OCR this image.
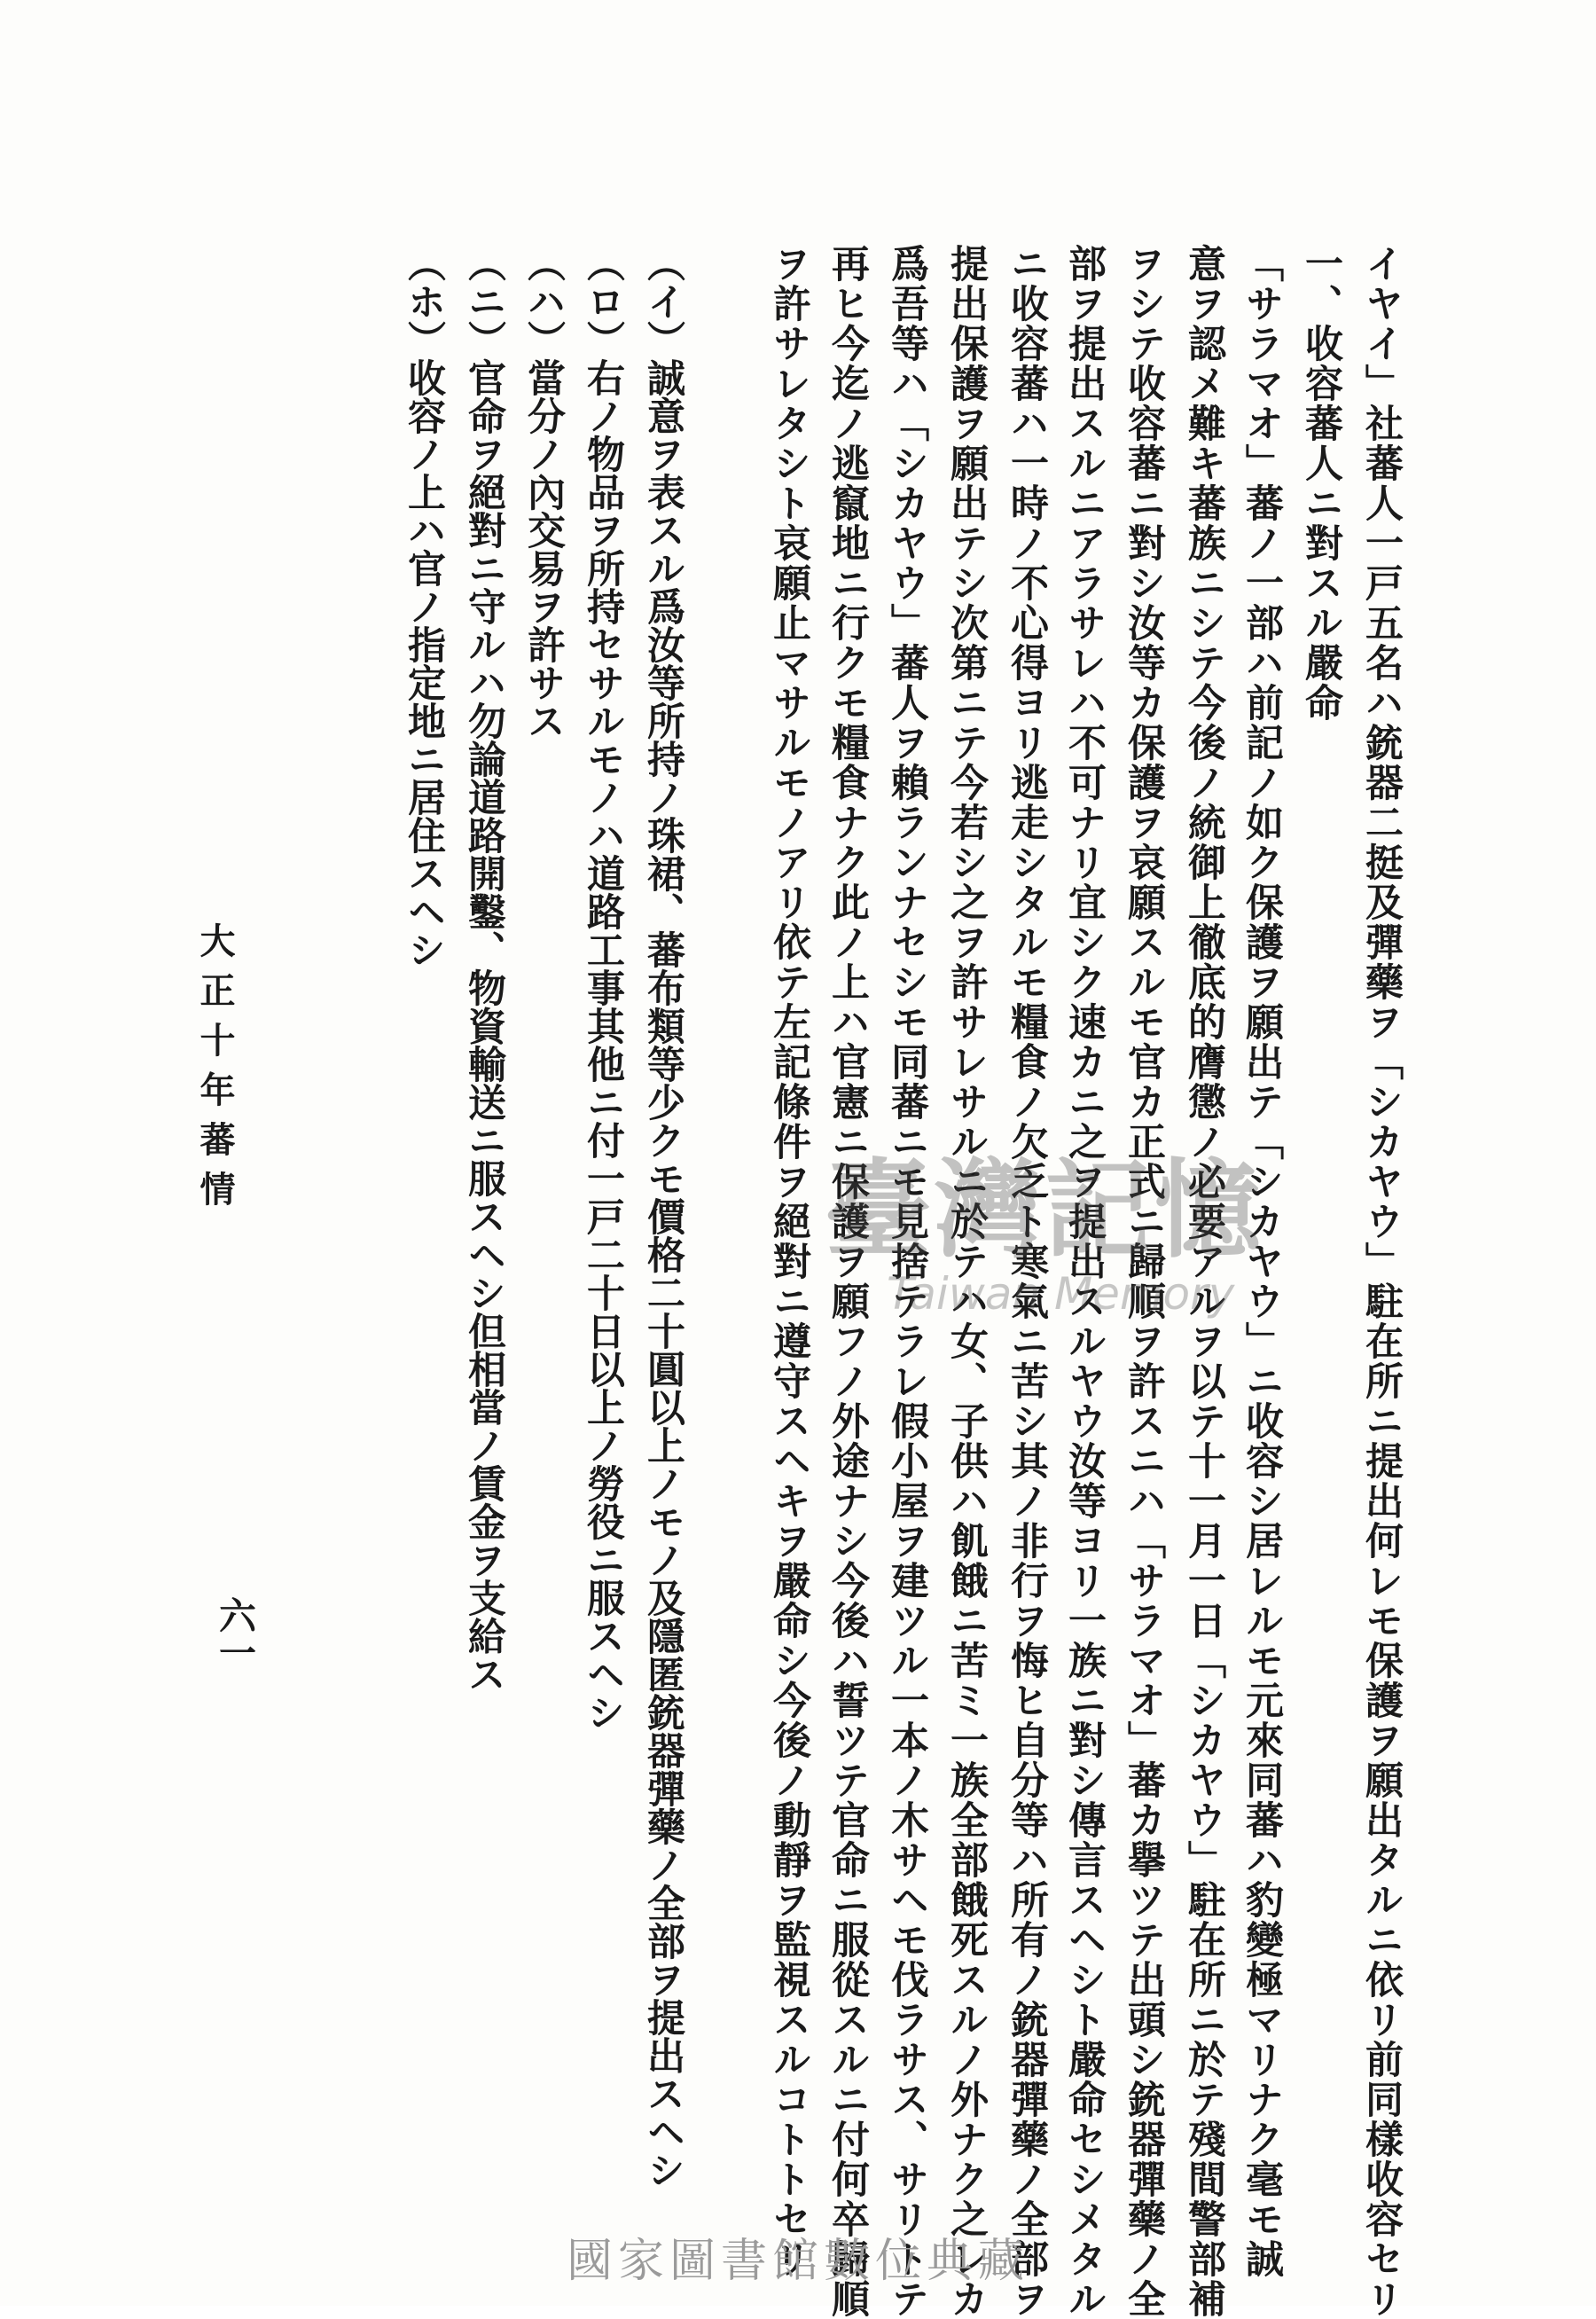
イヤイ」社蕃人一戸五名ハ銃器二挺及彈藥ヲ「シカヤウ」駐在所ニ提出何レモ保護ヲ願出タルニ依リ前同樣收容セリ
一、收容蕃人ニ對スル嚴命
「サラマオ」蕃ノ一部ハ前記ノ如ク保護ヲ願出テ「シカヤウ」ニ收容シ居レルモ元來同蕃ハ豹變極マリナク毫モ誠
意ヲ認メ難キ蕃族ニシテ今後ノ統御上徹底的膺懲ノ必要アルヲ以テ十一月一日「シカヤウ」駐在所ニ於テ殘間警部補
ヲシテ收容蕃ニ對シ汝等カ保護ヲ哀願スルモ官カ正式ニ歸順ヲ許スニハ「サラマオ」蕃カ擧ツテ出頭シ銃器彈藥ノ全
部ヲ提出スルニアラサレハ不可ナリ宜シク速カニ之ヲ提出スルヤウ汝等ヨリ一族ニ對シ傳言スヘシト嚴命セシメタル
ニ收容蕃ハ一時ノ不心得ヨリ逃走シタルモ糧食ノ欠乏ト寒氣ニ苦シ其ノ非行ヲ悔ヒ自分等ハ所有ノ銃器彈藥ノ全部ヲ
提出保護ヲ願出テシ次第ニテ今若シ之ヲ許サレサルニ於テハ女、子供ハ飢餓ニ苦ミ一族全部餓死スルノ外ナク之レカ
爲吾等ハ「シカヤウ」蕃人ヲ賴ランナセシモ同蕃ニモ見捨テラレ假小屋ヲ建ツル一本ノ木サヘモ伐ラサス、サリトテ
再ヒ今迄ノ逃竄地ニ行クモ糧食ナク此ノ上ハ官憲ニ保護ヲ願フノ外途ナシ今後ハ誓ツテ官命ニ服從スルニ付何卒歸順
ヲ許サレタシト哀願止マサルモノアリ依テ左記條件ヲ絕對ニ遵守スヘキヲ嚴命シ今後ノ動靜ヲ監視スルコトトセリ
（イ）誠意ヲ表スル爲汝等所持ノ珠裙、蕃布類等少クモ價格二十圓以上ノモノ及隱匿銃器彈藥ノ全部ヲ提出スヘシ
（ロ）右ノ物品ヲ所持セサルモノハ道路工事其他ニ付一戸二十日以上ノ勞役ニ服スヘシ
（ハ）當分ノ內交易ヲ許サス
（ニ）官命ヲ絕對ニ守ルハ勿論道路開鑿、物資輸送ニ服スヘシ但相當ノ賃金ヲ支給ス
（ホ）收容ノ上ハ官ノ指定地ニ居住スヘシ
大正十年蕃情
六一
臺灣記憶
Taiwan Memory
國家圖書館數位典藏
